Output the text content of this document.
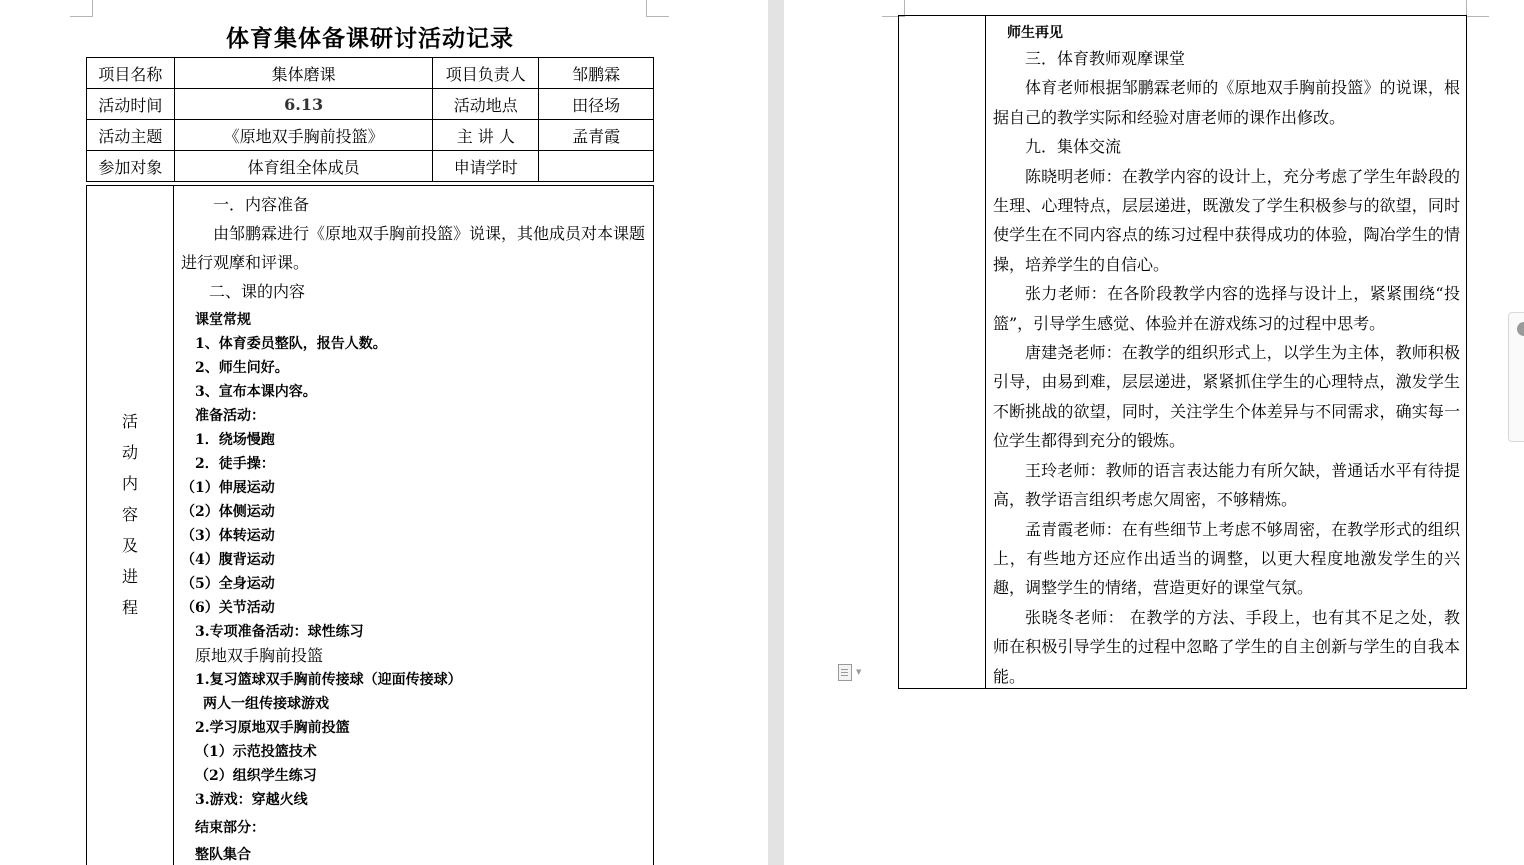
体育集体备课研讨活动记录
项目名称	集体磨课	项目负责人	邹鹏霖
活动时间	6.13	活动地点	田径场
活动主题	《原地双手胸前投篮》	主 讲 人	孟青霞
参加对象	体育组全体成员	申请学时	
活
动
内
容
及
进
程
一．内容准备
由邹鹏霖进行《原地双手胸前投篮》说课，其他成员对本课题进行观摩和评课。
二、课的内容
课堂常规
1、体育委员整队，报告人数。
2、师生问好。
3、宣布本课内容。
准备活动：
1．绕场慢跑
2．徒手操：
（1）伸展运动
（2）体侧运动
（3）体转运动
（4）腹背运动
（5）全身运动
（6）关节活动
3.专项准备活动：球性练习
原地双手胸前投篮
1.复习篮球双手胸前传接球（迎面传接球）
两人一组传接球游戏
2.学习原地双手胸前投篮
（1）示范投篮技术
（2）组织学生练习
3.游戏：穿越火线
结束部分：
整队集合
师生再见
三．体育教师观摩课堂
体育老师根据邹鹏霖老师的《原地双手胸前投篮》的说课，根据自己的教学实际和经验对唐老师的课作出修改。
九．集体交流
陈晓明老师：在教学内容的设计上，充分考虑了学生年龄段的生理、心理特点，层层递进，既激发了学生积极参与的欲望，同时使学生在不同内容点的练习过程中获得成功的体验，陶冶学生的情操，培养学生的自信心。
张力老师：在各阶段教学内容的选择与设计上，紧紧围绕“投篮”，引导学生感觉、体验并在游戏练习的过程中思考。
唐建尧老师：在教学的组织形式上，以学生为主体，教师积极引导，由易到难，层层递进，紧紧抓住学生的心理特点，激发学生不断挑战的欲望，同时，关注学生个体差异与不同需求，确实每一位学生都得到充分的锻炼。
王玲老师：教师的语言表达能力有所欠缺，普通话水平有待提高，教学语言组织考虑欠周密，不够精炼。
孟青霞老师：在有些细节上考虑不够周密，在教学形式的组织上，有些地方还应作出适当的调整，以更大程度地激发学生的兴趣，调整学生的情绪，营造更好的课堂气氛。
张晓冬老师： 在教学的方法、手段上，也有其不足之处，教师在积极引导学生的过程中忽略了学生的自主创新与学生的自我本能。
▼
